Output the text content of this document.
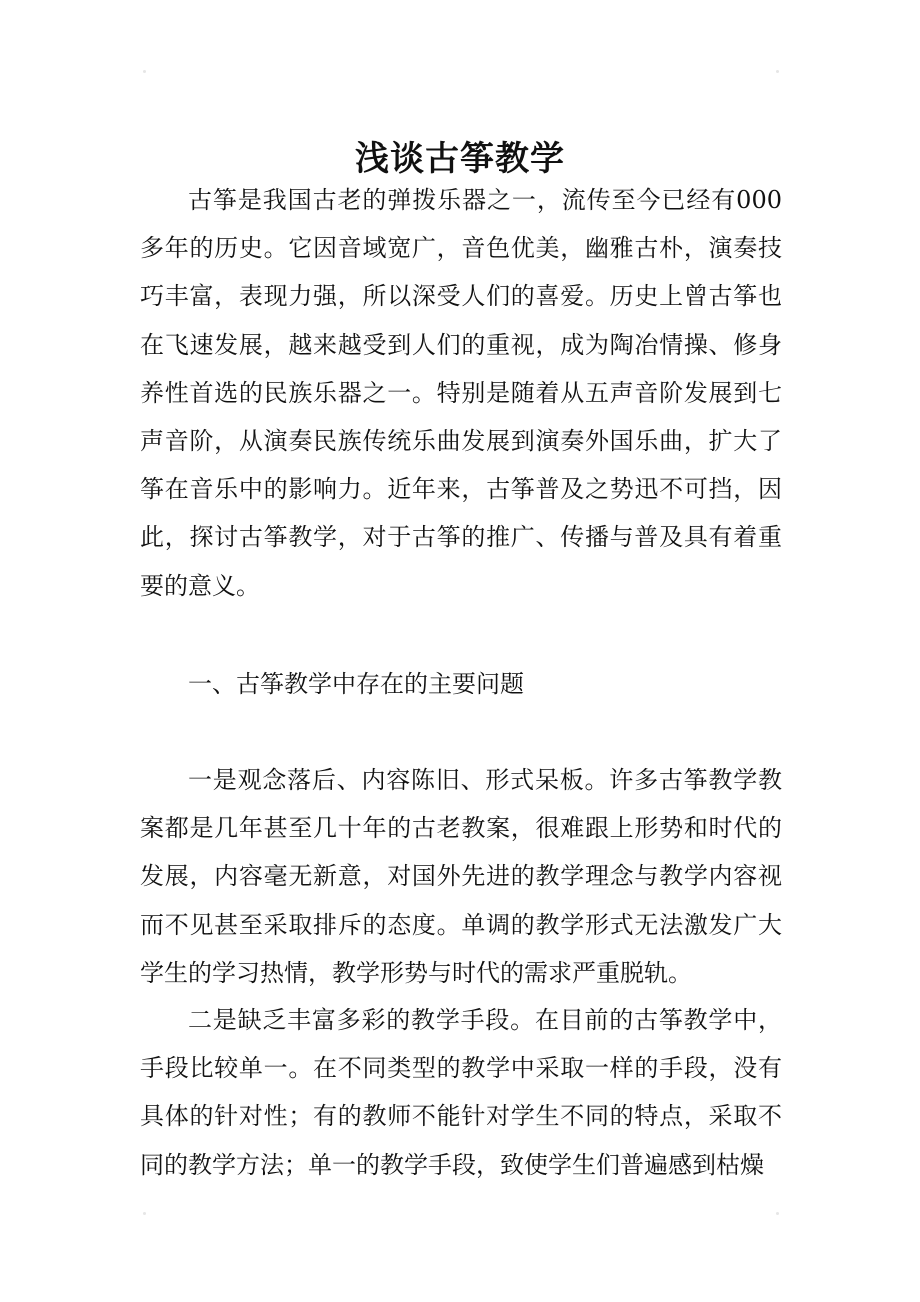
浅谈古筝教学

古筝是我国古老的弹拨乐器之一，流传至今已经有000多年的历史。它因音域宽广，音色优美，幽雅古朴，演奏技巧丰富，表现力强，所以深受人们的喜爱。历史上曾古筝也在飞速发展，越来越受到人们的重视，成为陶冶情操、修身养性首选的民族乐器之一。特别是随着从五声音阶发展到七声音阶，从演奏民族传统乐曲发展到演奏外国乐曲，扩大了筝在音乐中的影响力。近年来，古筝普及之势迅不可挡，因此，探讨古筝教学，对于古筝的推广、传播与普及具有着重要的意义。

一、古筝教学中存在的主要问题

一是观念落后、内容陈旧、形式呆板。许多古筝教学教案都是几年甚至几十年的古老教案，很难跟上形势和时代的发展，内容毫无新意，对国外先进的教学理念与教学内容视而不见甚至采取排斥的态度。单调的教学形式无法激发广大学生的学习热情，教学形势与时代的需求严重脱轨。

二是缺乏丰富多彩的教学手段。在目前的古筝教学中，手段比较单一。在不同类型的教学中采取一样的手段，没有具体的针对性；有的教师不能针对学生不同的特点，采取不同的教学方法；单一的教学手段，致使学生们普遍感到枯燥
